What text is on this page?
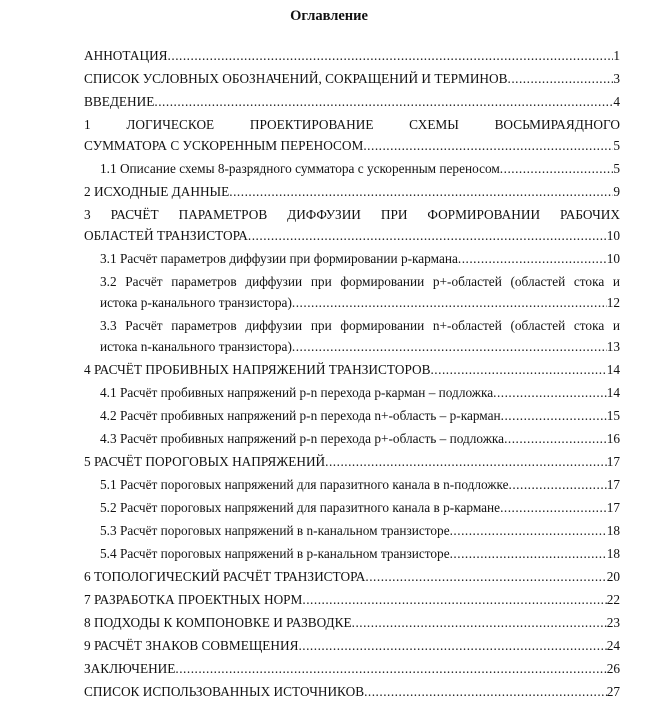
Оглавление
АННОТАЦИЯ .....	1
СПИСОК УСЛОВНЫХ ОБОЗНАЧЕНИЙ, СОКРАЩЕНИЙ И ТЕРМИНОВ .....	3
ВВЕДЕНИЕ .....	4
1 ЛОГИЧЕСКОЕ ПРОЕКТИРОВАНИЕ СХЕМЫ ВОСЬМИРАЯДНОГО
СУММАТОРА С УСКОРЕННЫМ ПЕРЕНОСОМ .....	5
1.1 Описание схемы 8-разрядного сумматора с ускоренным переносом .....	5
2 ИСХОДНЫЕ ДАННЫЕ .....	9
3 РАСЧЁТ ПАРАМЕТРОВ ДИФФУЗИИ ПРИ ФОРМИРОВАНИИ РАБОЧИХ
ОБЛАСТЕЙ ТРАНЗИСТОРА .....	10
3.1 Расчёт параметров диффузии при формировании p-кармана .....	10
3.2 Расчёт параметров диффузии при формировании p+-областей (областей стока и
истока p-канального транзистора) .....	12
3.3 Расчёт параметров диффузии при формировании n+-областей (областей стока и
истока n-канального транзистора) .....	13
4 РАСЧЁТ ПРОБИВНЫХ НАПРЯЖЕНИЙ ТРАНЗИСТОРОВ .....	14
4.1 Расчёт пробивных напряжений p-n перехода p-карман – подложка .....	14
4.2 Расчёт пробивных напряжений p-n перехода n+-область – p-карман .....	15
4.3 Расчёт пробивных напряжений p-n перехода p+-область – подложка .....	16
5 РАСЧЁТ ПОРОГОВЫХ НАПРЯЖЕНИЙ .....	17
5.1 Расчёт пороговых напряжений для паразитного канала в n-подложке .....	17
5.2 Расчёт пороговых напряжений для паразитного канала в p-кармане .....	17
5.3 Расчёт пороговых напряжений в n-канальном транзисторе .....	18
5.4 Расчёт пороговых напряжений в p-канальном транзисторе .....	18
6 ТОПОЛОГИЧЕСКИЙ РАСЧЁТ ТРАНЗИСТОРА .....	20
7 РАЗРАБОТКА ПРОЕКТНЫХ НОРМ .....	22
8 ПОДХОДЫ К КОМПОНОВКЕ И РАЗВОДКЕ .....	23
9 РАСЧЁТ ЗНАКОВ СОВМЕЩЕНИЯ .....	24
ЗАКЛЮЧЕНИЕ .....	26
СПИСОК ИСПОЛЬЗОВАННЫХ ИСТОЧНИКОВ .....	27
